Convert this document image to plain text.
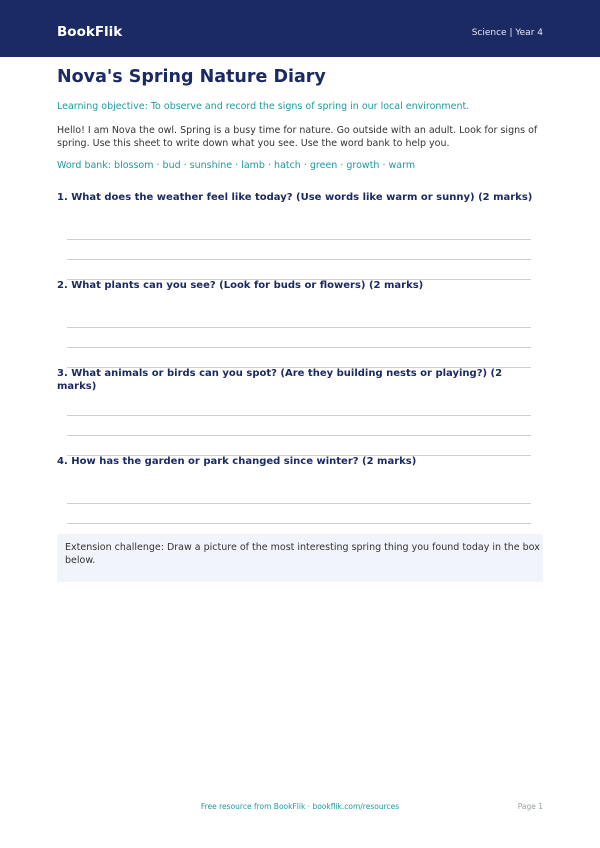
BookFlik	Science | Year 4
Nova's Spring Nature Diary
Learning objective: To observe and record the signs of spring in our local environment.
Hello! I am Nova the owl. Spring is a busy time for nature. Go outside with an adult. Look for signs of spring. Use this sheet to write down what you see. Use the word bank to help you.
Word bank: blossom · bud · sunshine · lamb · hatch · green · growth · warm
1. What does the weather feel like today? (Use words like warm or sunny) (2 marks)
2. What plants can you see? (Look for buds or flowers) (2 marks)
3. What animals or birds can you spot? (Are they building nests or playing?) (2 marks)
4. How has the garden or park changed since winter? (2 marks)
Extension challenge: Draw a picture of the most interesting spring thing you found today in the box below.
Free resource from BookFlik · bookflik.com/resources	Page 1
